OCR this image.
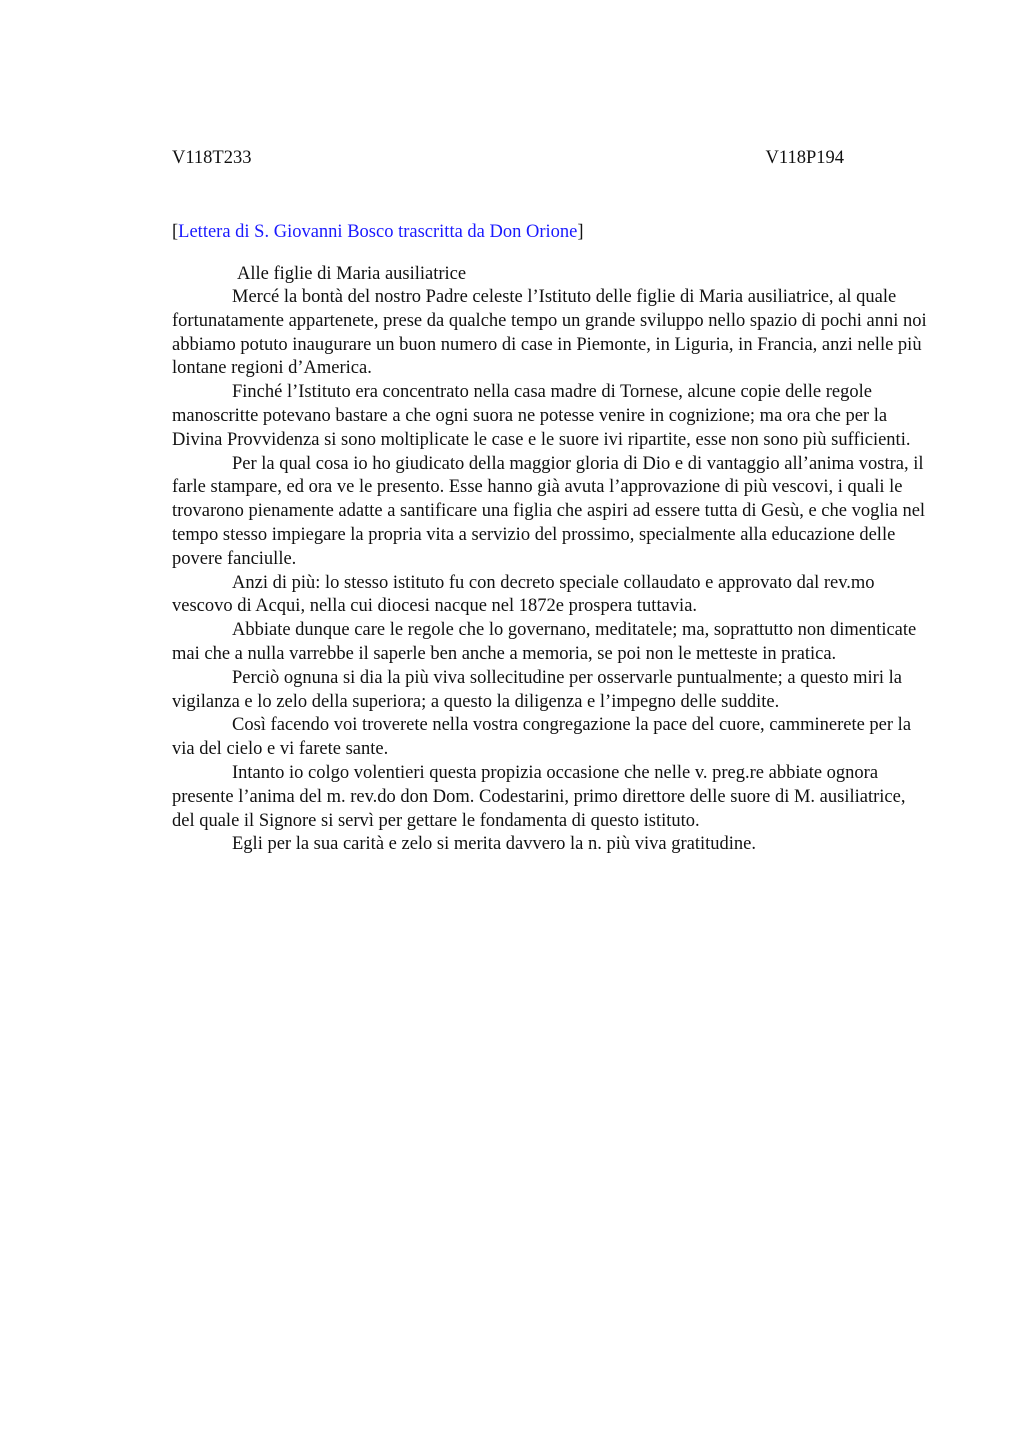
V118T233	V118P194
[Lettera di S. Giovanni Bosco trascritta da Don Orione]
Alle figlie di Maria ausiliatrice

Mercé la bontà del nostro Padre celeste l’Istituto delle figlie di Maria ausiliatrice, al quale fortunatamente appartenete, prese da qualche tempo un grande sviluppo nello spazio di pochi anni noi abbiamo potuto inaugurare un buon numero di case in Piemonte, in Liguria, in Francia, anzi nelle più lontane regioni d’America.

Finché l’Istituto era concentrato nella casa madre di Tornese, alcune copie delle regole manoscritte potevano bastare a che ogni suora ne potesse venire in cognizione; ma ora che per la Divina Provvidenza si sono moltiplicate le case e le suore ivi ripartite, esse non sono più sufficienti.

Per la qual cosa io ho giudicato della maggior gloria di Dio e di vantaggio all’anima vostra, il farle stampare, ed ora ve le presento. Esse hanno già avuta l’approvazione di più vescovi, i quali le trovarono pienamente adatte a santificare una figlia che aspiri ad essere tutta di Gesù, e che voglia nel tempo stesso impiegare la propria vita a servizio del prossimo, specialmente alla educazione delle povere fanciulle.

Anzi di più: lo stesso istituto fu con decreto speciale collaudato e approvato dal rev.mo vescovo di Acqui, nella cui diocesi nacque nel 1872e prospera tuttavia.

Abbiate dunque care le regole che lo governano, meditatele; ma, soprattutto non dimenticate mai che a nulla varrebbe il saperle ben anche a memoria, se poi non le metteste in pratica.

Perciò ognuna si dia la più viva sollecitudine per osservarle puntualmente; a questo miri la vigilanza e lo zelo della superiora; a questo la diligenza e l’impegno delle suddite.

Così facendo voi troverete nella vostra congregazione la pace del cuore, camminerete per la via del cielo e vi farete sante.

Intanto io colgo volentieri questa propizia occasione che nelle v. preg.re abbiate ognora presente l’anima del m. rev.do don Dom. Codestarini, primo direttore delle suore di M. ausiliatrice, del quale il Signore si servì per gettare le fondamenta di questo istituto.

Egli per la sua carità e zelo si merita davvero la n. più viva gratitudine.
